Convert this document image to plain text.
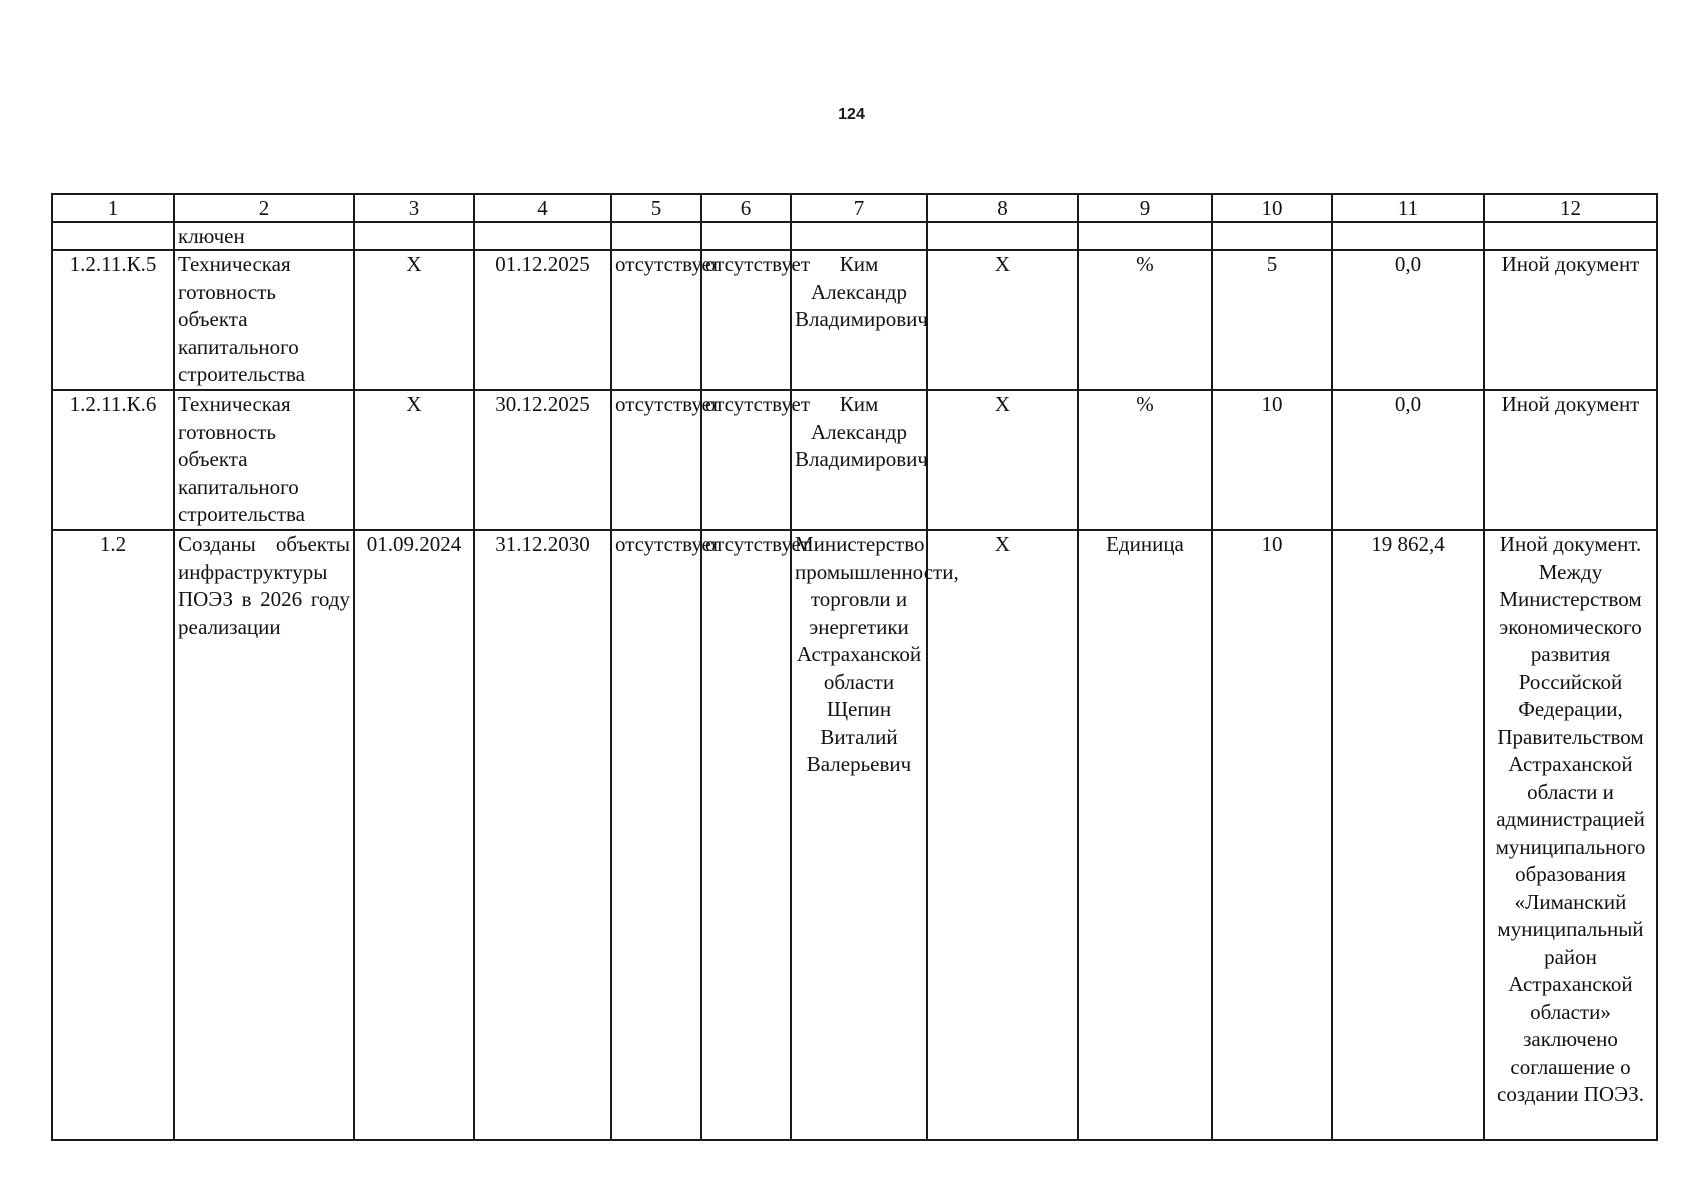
124
1	2	3	4	5	6	7	8	9	10	11	12
	ключен										
1.2.11.К.5	Техническая готовность объекта капитального строительства	X	01.12.2025	отсутствует	отсутствует	Ким Александр Владимирович	X	%	5	0,0	Иной документ
1.2.11.К.6	Техническая готовность объекта капитального строительства	X	30.12.2025	отсутствует	отсутствует	Ким Александр Владимирович	X	%	10	0,0	Иной документ
1.2	Созданы объекты инфраструктуры ПОЭЗ в 2026 году реализации	01.09.2024	31.12.2030	отсутствует	отсутствует	Министерство промышленности, торговли и энергетики Астраханской области Щепин Виталий Валерьевич	X	Единица	10	19 862,4	Иной документ. Между Министерством экономического развития Российской Федерации, Правительством Астраханской области и администрацией муниципального образования «Лиманский муниципальный район Астраханской области» заключено соглашение о создании ПОЭЗ.
